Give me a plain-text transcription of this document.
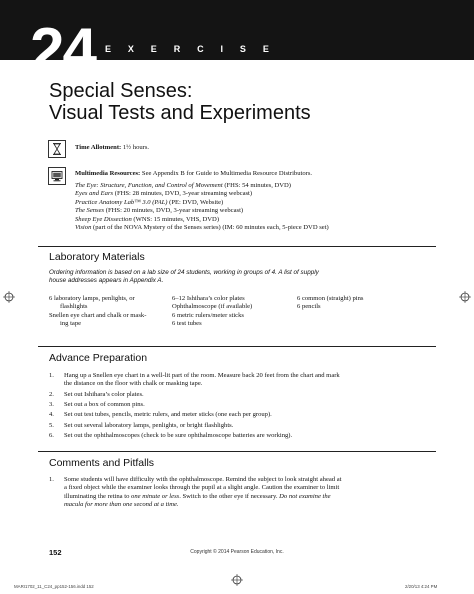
24 E X E R C I S E
Special Senses:
Visual Tests and Experiments
Time Allotment: 1½ hours.
Multimedia Resources: See Appendix B for Guide to Multimedia Resource Distributors.
The Eye: Structure, Function, and Control of Movement (FHS: 54 minutes, DVD)
Eyes and Ears (FHS: 28 minutes, DVD, 3-year streaming webcast)
Practice Anatomy Lab™ 3.0 (PAL) (PE: DVD, Website)
The Senses (FHS: 20 minutes, DVD, 3-year streaming webcast)
Sheep Eye Dissection (WNS: 15 minutes, VHS, DVD)
Vision (part of the NOVA Mystery of the Senses series) (IM: 60 minutes each, 5-piece DVD set)
Laboratory Materials
Ordering information is based on a lab size of 24 students, working in groups of 4. A list of supply
house addresses appears in Appendix A.
6 laboratory lamps, penlights, or
flashlights
Snellen eye chart and chalk or mask-
ing tape
6–12 Ishihara’s color plates
Ophthalmoscope (if available)
6 metric rulers/meter sticks
6 test tubes
6 common (straight) pins
6 pencils
Advance Preparation
1. Hang up a Snellen eye chart in a well-lit part of the room. Measure back 20 feet from the chart and mark
the distance on the floor with chalk or masking tape.
2. Set out Ishihara’s color plates.
3. Set out a box of common pins.
4. Set out test tubes, pencils, metric rulers, and meter sticks (one each per group).
5. Set out several laboratory lamps, penlights, or bright flashlights.
6. Set out the ophthalmoscopes (check to be sure ophthalmoscope batteries are working).
Comments and Pitfalls
1. Some students will have difficulty with the ophthalmoscope. Remind the subject to look straight ahead at
a fixed object while the examiner looks through the pupil at a slight angle. Caution the examiner to limit
illuminating the retina to one minute or less. Switch to the other eye if necessary. Do not examine the
macula for more than one second at a time.
152	Copyright © 2014 Pearson Education, Inc.
MARI1702_11_C24_pp152-156.indd 152	2/20/13 4:24 PM
